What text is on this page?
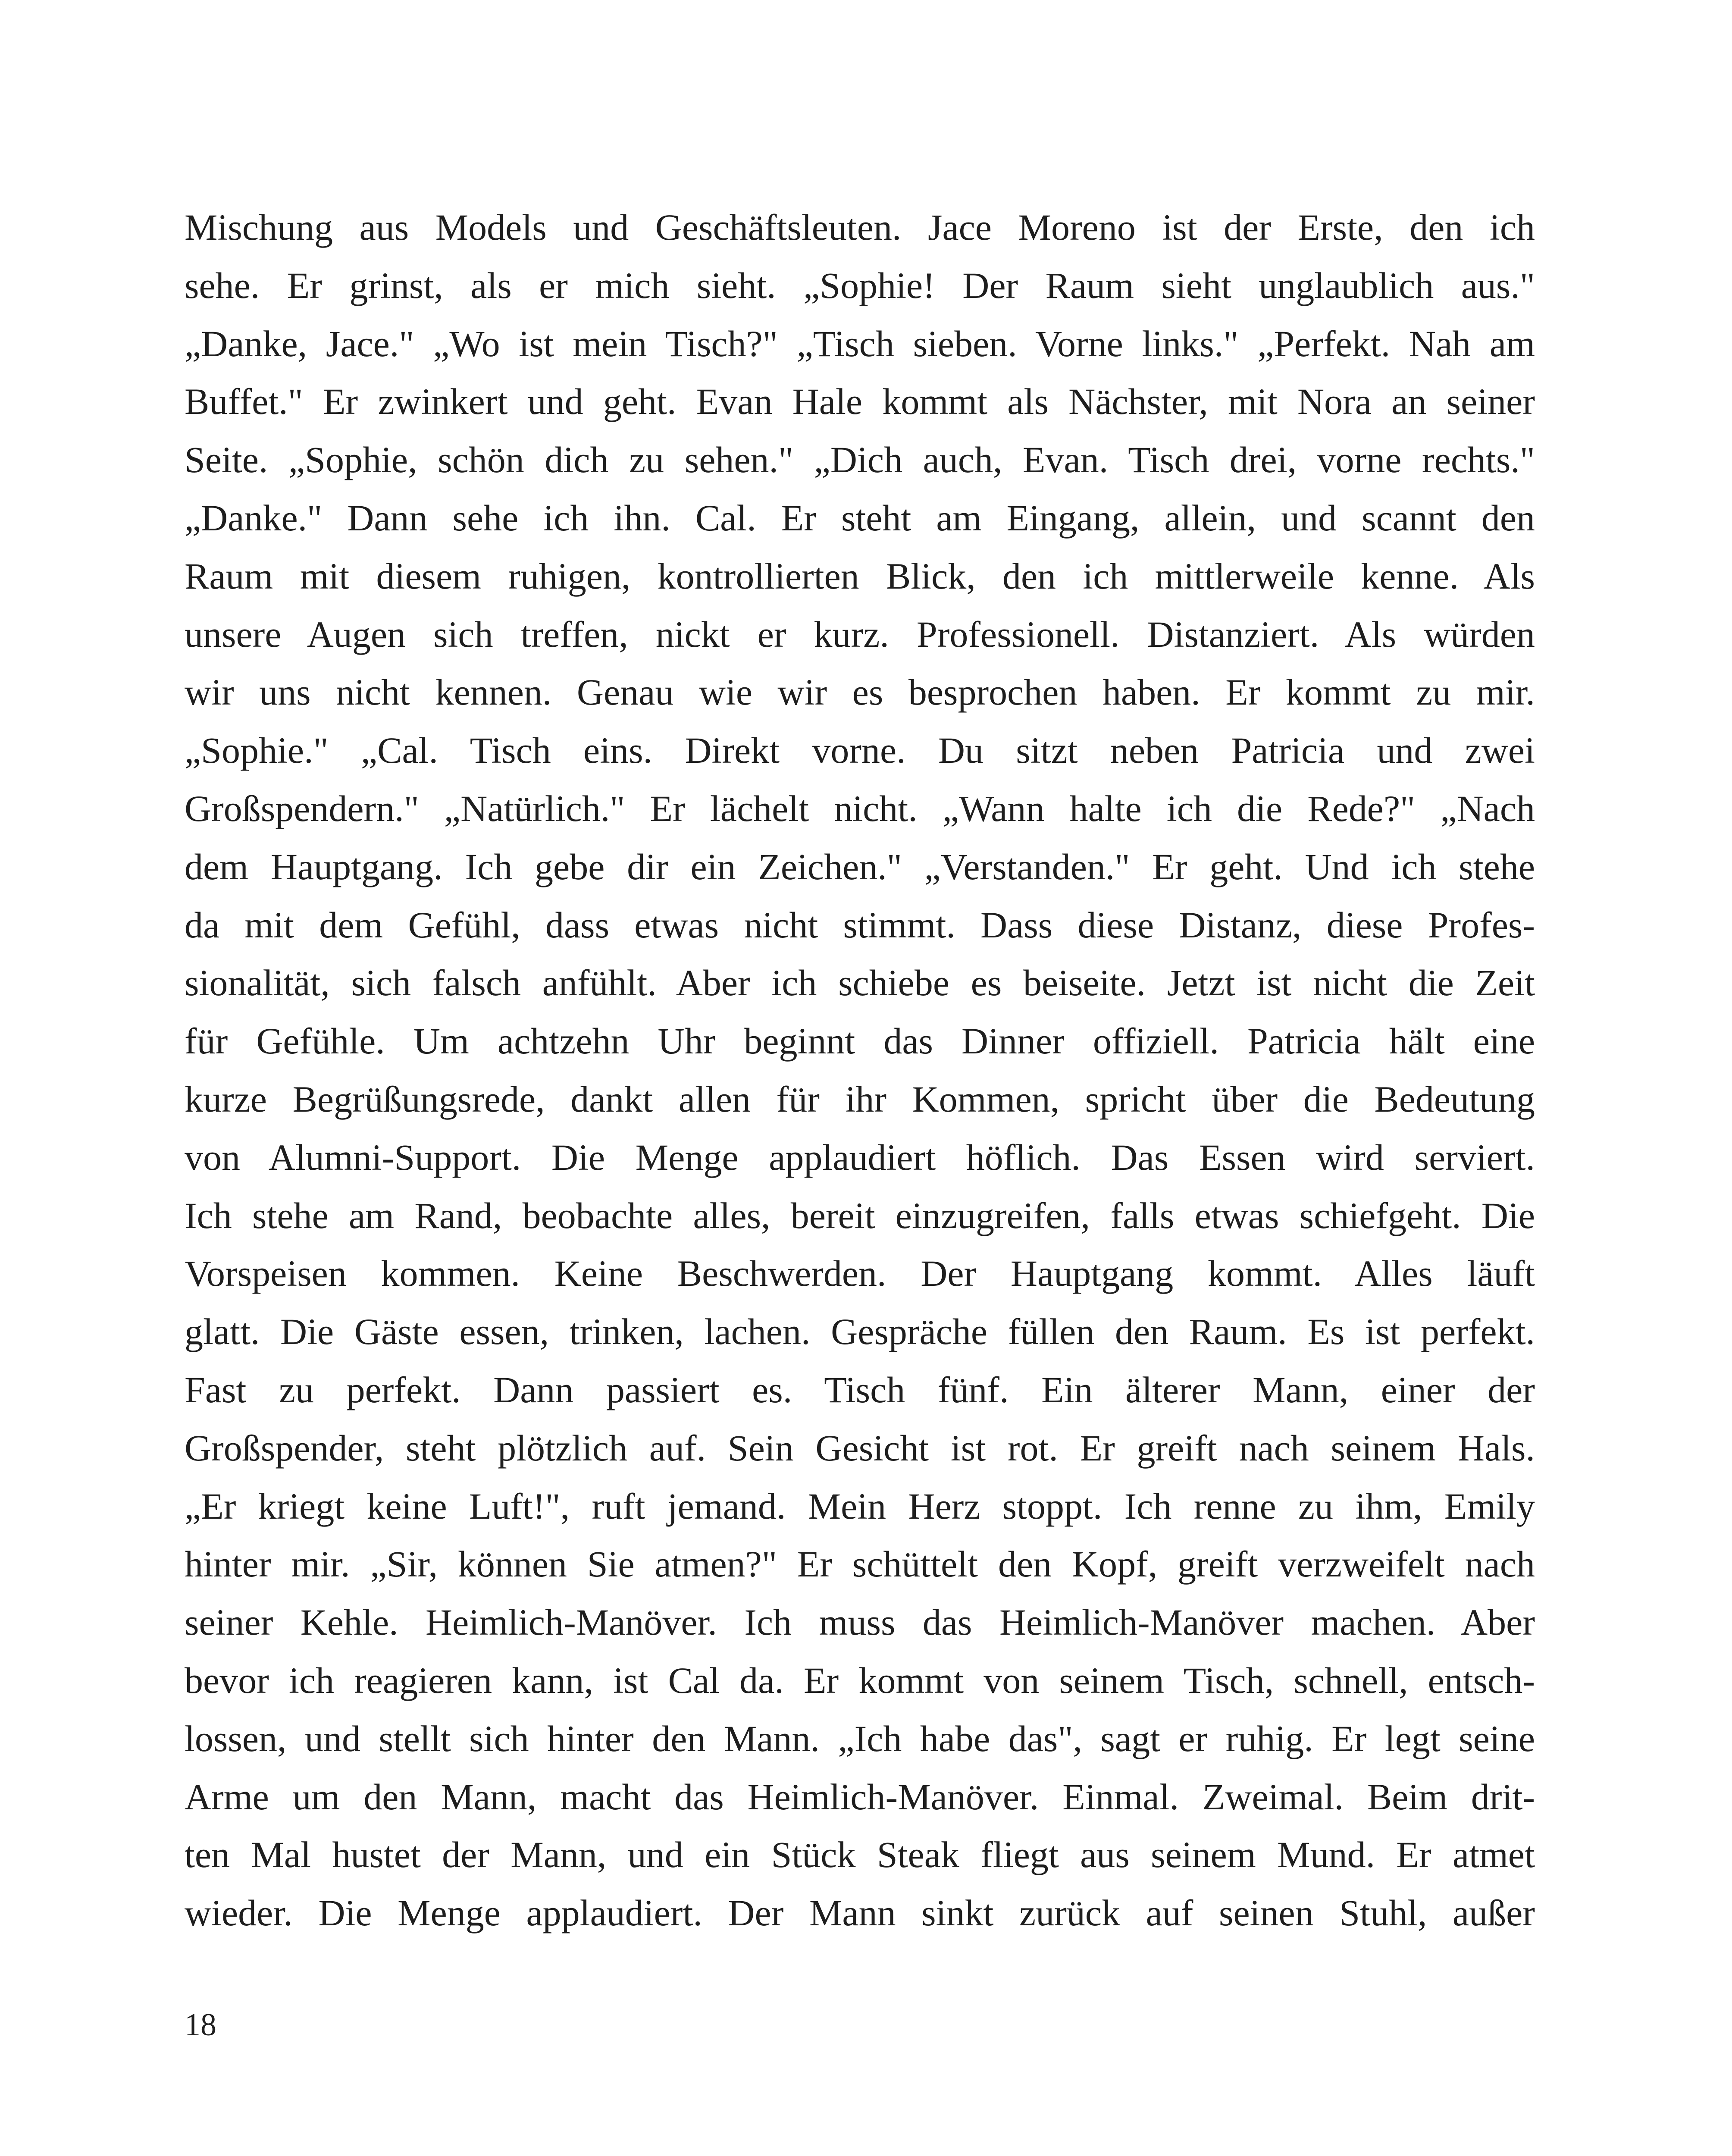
Mischung aus Models und Geschäftsleuten. Jace Moreno ist der Erste, den ich
sehe. Er grinst, als er mich sieht. „Sophie! Der Raum sieht unglaublich aus."
„Danke, Jace." „Wo ist mein Tisch?" „Tisch sieben. Vorne links." „Perfekt. Nah am
Buffet." Er zwinkert und geht. Evan Hale kommt als Nächster, mit Nora an seiner
Seite. „Sophie, schön dich zu sehen." „Dich auch, Evan. Tisch drei, vorne rechts."
„Danke." Dann sehe ich ihn. Cal. Er steht am Eingang, allein, und scannt den
Raum mit diesem ruhigen, kontrollierten Blick, den ich mittlerweile kenne. Als
unsere Augen sich treffen, nickt er kurz. Professionell. Distanziert. Als würden
wir uns nicht kennen. Genau wie wir es besprochen haben. Er kommt zu mir.
„Sophie." „Cal. Tisch eins. Direkt vorne. Du sitzt neben Patricia und zwei
Großspendern." „Natürlich." Er lächelt nicht. „Wann halte ich die Rede?" „Nach
dem Hauptgang. Ich gebe dir ein Zeichen." „Verstanden." Er geht. Und ich stehe
da mit dem Gefühl, dass etwas nicht stimmt. Dass diese Distanz, diese Profes-
sionalität, sich falsch anfühlt. Aber ich schiebe es beiseite. Jetzt ist nicht die Zeit
für Gefühle. Um achtzehn Uhr beginnt das Dinner offiziell. Patricia hält eine
kurze Begrüßungsrede, dankt allen für ihr Kommen, spricht über die Bedeutung
von Alumni-Support. Die Menge applaudiert höflich. Das Essen wird serviert.
Ich stehe am Rand, beobachte alles, bereit einzugreifen, falls etwas schiefgeht. Die
Vorspeisen kommen. Keine Beschwerden. Der Hauptgang kommt. Alles läuft
glatt. Die Gäste essen, trinken, lachen. Gespräche füllen den Raum. Es ist perfekt.
Fast zu perfekt. Dann passiert es. Tisch fünf. Ein älterer Mann, einer der
Großspender, steht plötzlich auf. Sein Gesicht ist rot. Er greift nach seinem Hals.
„Er kriegt keine Luft!", ruft jemand. Mein Herz stoppt. Ich renne zu ihm, Emily
hinter mir. „Sir, können Sie atmen?" Er schüttelt den Kopf, greift verzweifelt nach
seiner Kehle. Heimlich-Manöver. Ich muss das Heimlich-Manöver machen. Aber
bevor ich reagieren kann, ist Cal da. Er kommt von seinem Tisch, schnell, entsch-
lossen, und stellt sich hinter den Mann. „Ich habe das", sagt er ruhig. Er legt seine
Arme um den Mann, macht das Heimlich-Manöver. Einmal. Zweimal. Beim drit-
ten Mal hustet der Mann, und ein Stück Steak fliegt aus seinem Mund. Er atmet
wieder. Die Menge applaudiert. Der Mann sinkt zurück auf seinen Stuhl, außer
18
